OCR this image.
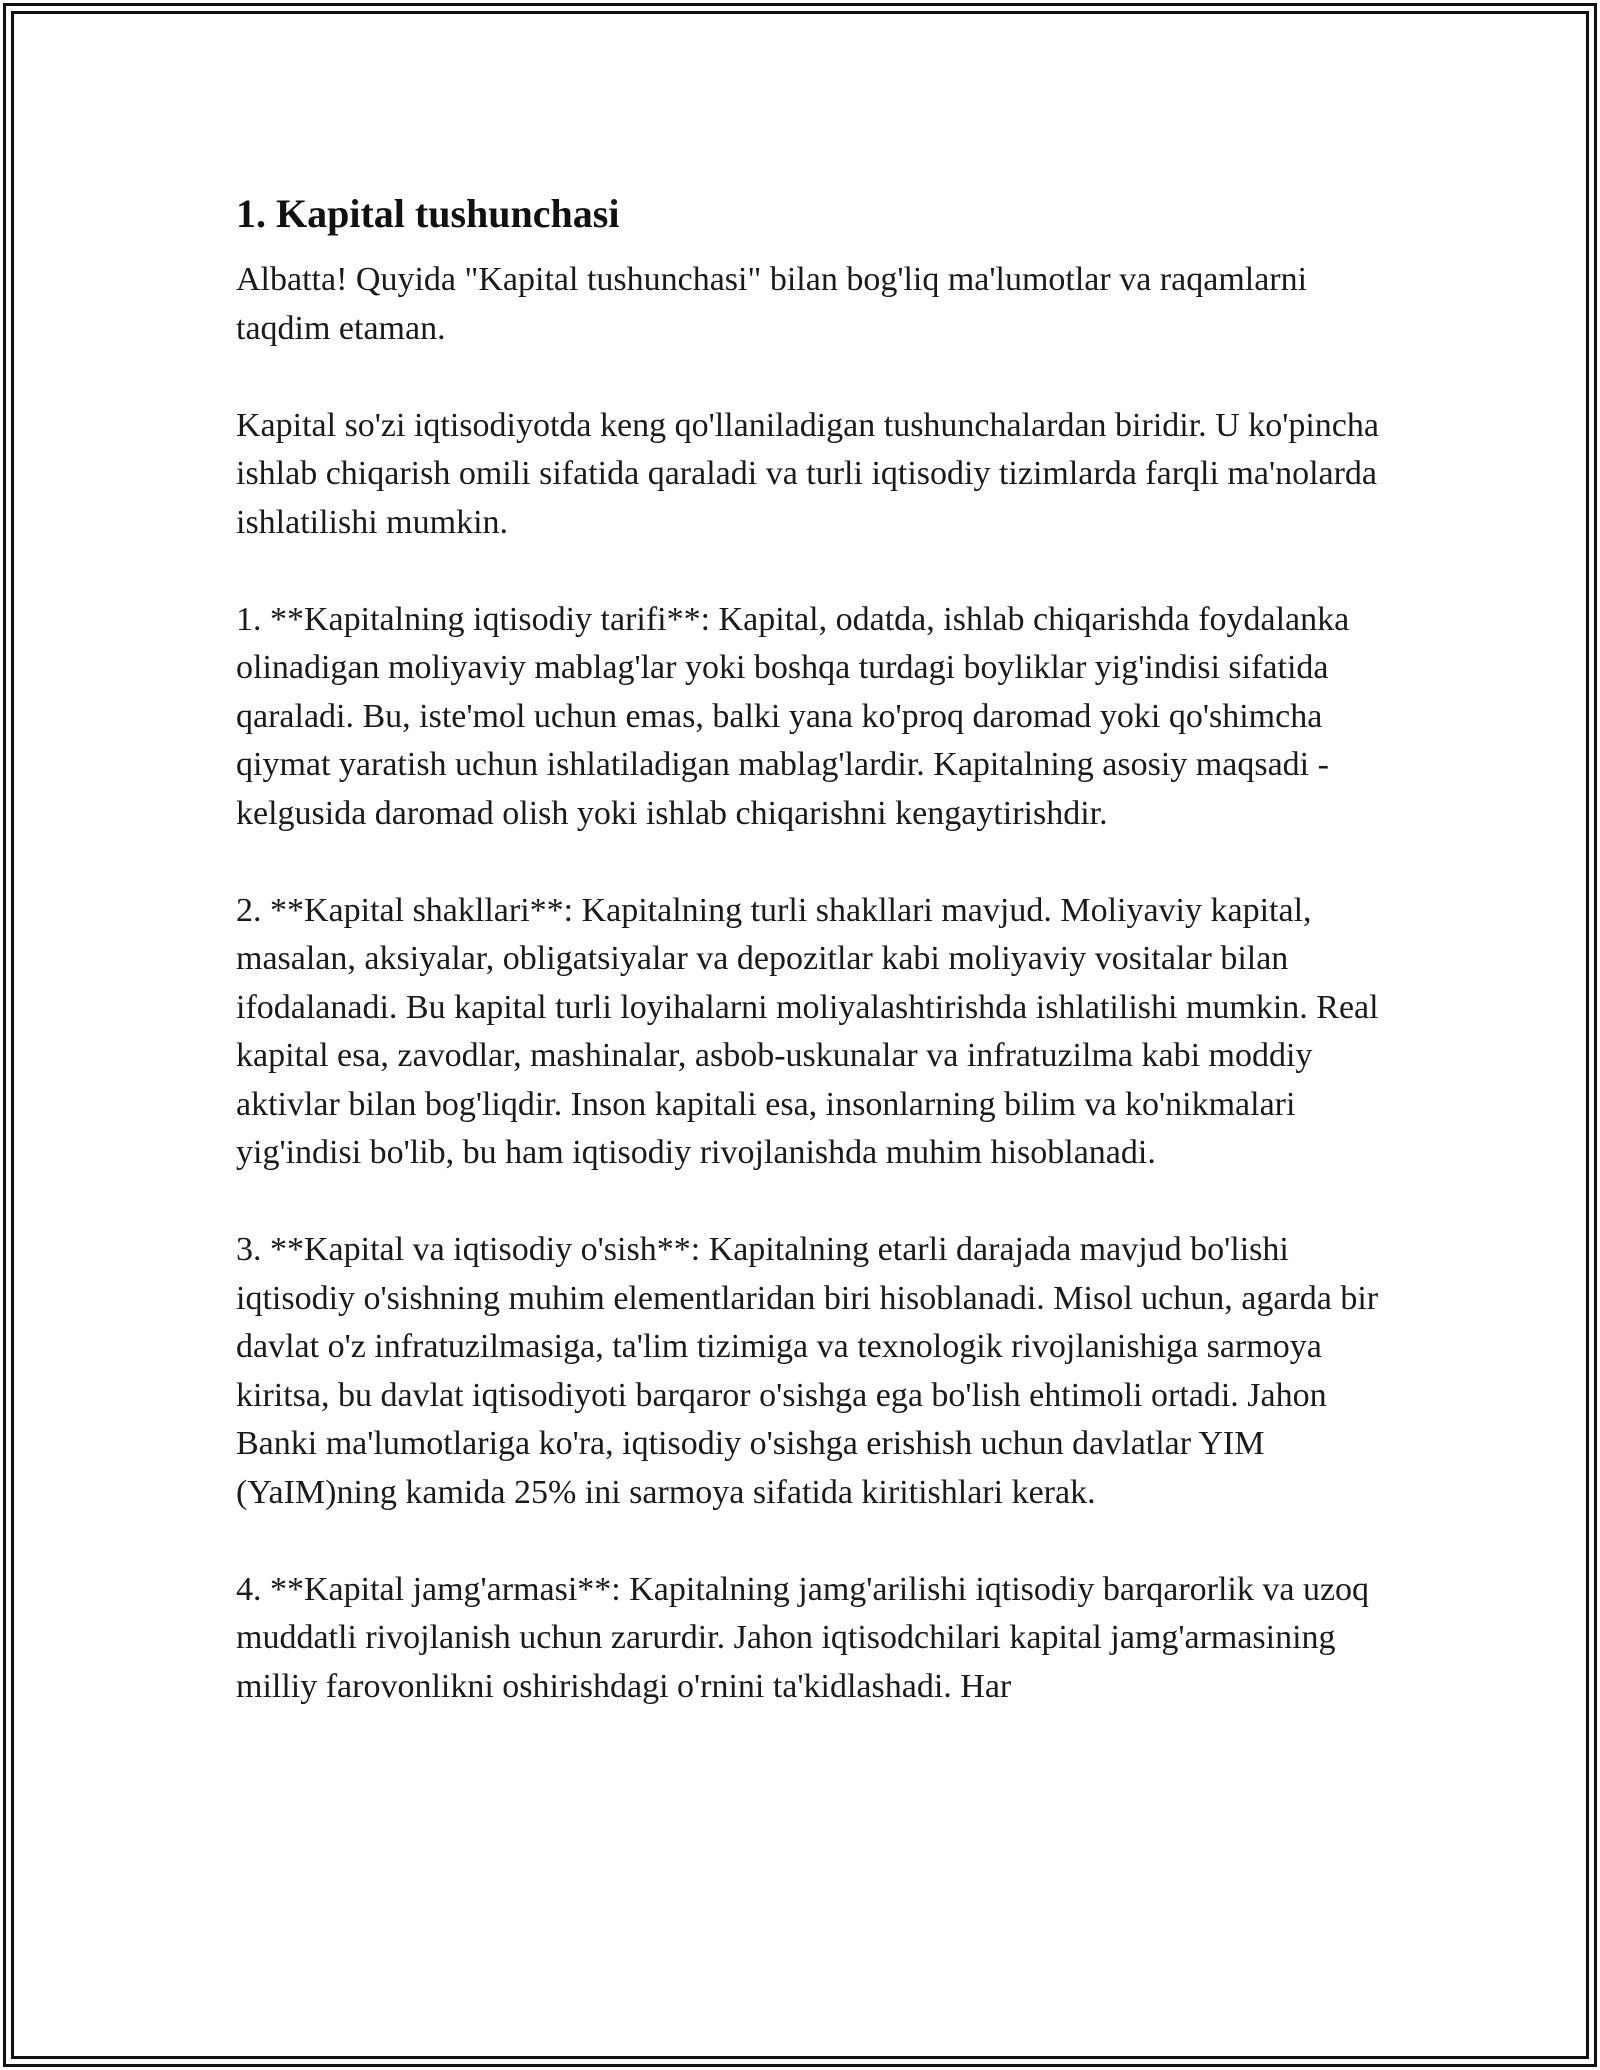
1. Kapital tushunchasi

Albatta! Quyida "Kapital tushunchasi" bilan bog'liq ma'lumotlar va raqamlarni taqdim etaman.

Kapital so'zi iqtisodiyotda keng qo'llaniladigan tushunchalardan biridir. U ko'pincha ishlab chiqarish omili sifatida qaraladi va turli iqtisodiy tizimlarda farqli ma'nolarda ishlatilishi mumkin.

1. **Kapitalning iqtisodiy tarifi**: Kapital, odatda, ishlab chiqarishda foydalanka olinadigan moliyaviy mablag'lar yoki boshqa turdagi boyliklar yig'indisi sifatida qaraladi. Bu, iste'mol uchun emas, balki yana ko'proq daromad yoki qo'shimcha qiymat yaratish uchun ishlatiladigan mablag'lardir. Kapitalning asosiy maqsadi - kelgusida daromad olish yoki ishlab chiqarishni kengaytirishdir.

2. **Kapital shakllari**: Kapitalning turli shakllari mavjud. Moliyaviy kapital, masalan, aksiyalar, obligatsiyalar va depozitlar kabi moliyaviy vositalar bilan ifodalanadi. Bu kapital turli loyihalarni moliyalashtirishda ishlatilishi mumkin. Real kapital esa, zavodlar, mashinalar, asbob-uskunalar va infratuzilma kabi moddiy aktivlar bilan bog'liqdir. Inson kapitali esa, insonlarning bilim va ko'nikmalari yig'indisi bo'lib, bu ham iqtisodiy rivojlanishda muhim hisoblanadi.

3. **Kapital va iqtisodiy o'sish**: Kapitalning etarli darajada mavjud bo'lishi iqtisodiy o'sishning muhim elementlaridan biri hisoblanadi. Misol uchun, agarda bir davlat o'z infratuzilmasiga, ta'lim tizimiga va texnologik rivojlanishiga sarmoya kiritsa, bu davlat iqtisodiyoti barqaror o'sishga ega bo'lish ehtimoli ortadi. Jahon Banki ma'lumotlariga ko'ra, iqtisodiy o'sishga erishish uchun davlatlar YIM (YaIM)ning kamida 25% ini sarmoya sifatida kiritishlari kerak.

4. **Kapital jamg'armasi**: Kapitalning jamg'arilishi iqtisodiy barqarorlik va uzoq muddatli rivojlanish uchun zarurdir. Jahon iqtisodchilari kapital jamg'armasining milliy farovonlikni oshirishdagi o'rnini ta'kidlashadi. Har
